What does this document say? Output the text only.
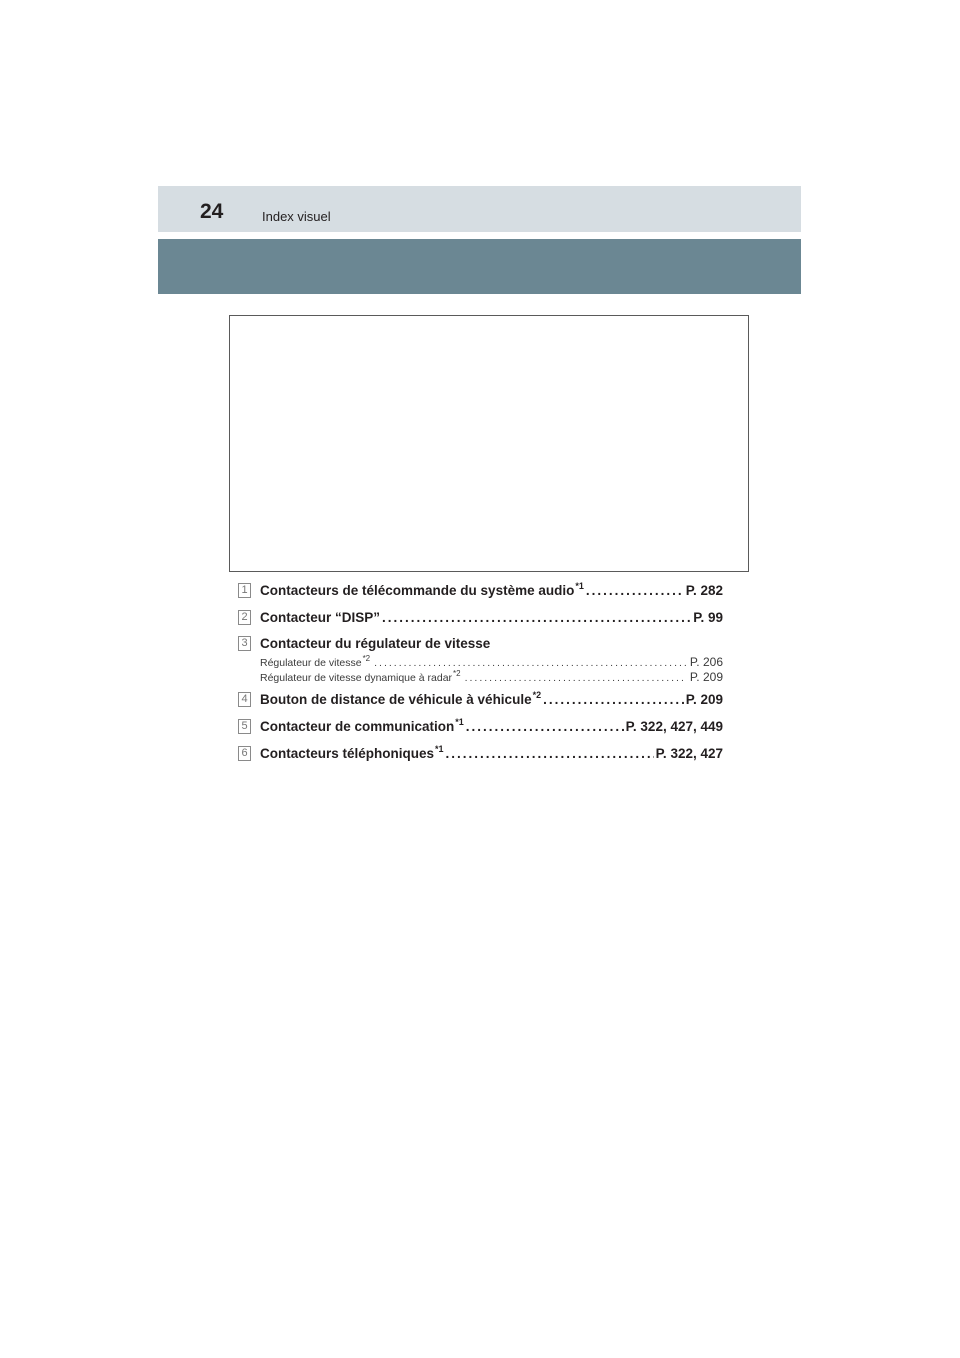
24	Index visuel
1 Contacteurs de télécommande du système audio$^{*1}$ .....	P. 282
2 Contacteur “DISP” .....	P. 99
3 Contacteur du régulateur de vitesse
Régulateur de vitesse$^{*2}$ .....	P. 206
Régulateur de vitesse dynamique à radar$^{*2}$ .....	P. 209
4 Bouton de distance de véhicule à véhicule$^{*2}$ .....	P. 209
5 Contacteur de communication$^{*1}$ .....	P. 322, 427, 449
6 Contacteurs téléphoniques$^{*1}$ .....	P. 322, 427
